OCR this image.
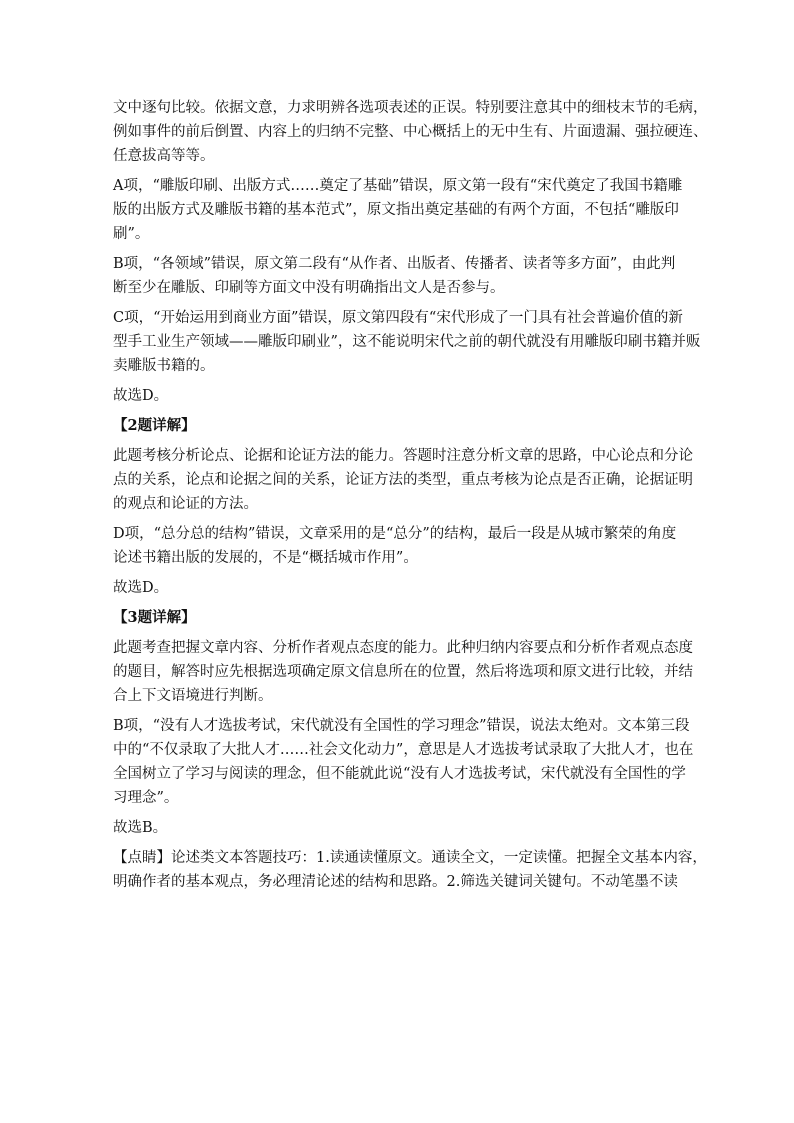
文中逐句比较。依据文意，力求明辨各选项表述的正误。特别要注意其中的细枝末节的毛病，
例如事件的前后倒置、内容上的归纳不完整、中心概括上的无中生有、片面遗漏、强拉硬连、
任意拔高等等。
A项，“雕版印刷、出版方式……奠定了基础”错误，原文第一段有“宋代奠定了我国书籍雕
版的出版方式及雕版书籍的基本范式”，原文指出奠定基础的有两个方面，不包括“雕版印
刷”。
B项，“各领域”错误，原文第二段有“从作者、出版者、传播者、读者等多方面”，由此判
断至少在雕版、印刷等方面文中没有明确指出文人是否参与。
C项，“开始运用到商业方面”错误，原文第四段有“宋代形成了一门具有社会普遍价值的新
型手工业生产领域——雕版印刷业”，这不能说明宋代之前的朝代就没有用雕版印刷书籍并贩
卖雕版书籍的。
故选D。
【2题详解】
此题考核分析论点、论据和论证方法的能力。答题时注意分析文章的思路，中心论点和分论
点的关系，论点和论据之间的关系，论证方法的类型，重点考核为论点是否正确，论据证明
的观点和论证的方法。
D项，“总分总的结构”错误，文章采用的是“总分”的结构，最后一段是从城市繁荣的角度
论述书籍出版的发展的，不是“概括城市作用”。
故选D。
【3题详解】
此题考查把握文章内容、分析作者观点态度的能力。此种归纳内容要点和分析作者观点态度
的题目，解答时应先根据选项确定原文信息所在的位置，然后将选项和原文进行比较，并结
合上下文语境进行判断。
B项，“没有人才选拔考试，宋代就没有全国性的学习理念”错误，说法太绝对。文本第三段
中的“不仅录取了大批人才……社会文化动力”，意思是人才选拔考试录取了大批人才，也在
全国树立了学习与阅读的理念，但不能就此说“没有人才选拔考试，宋代就没有全国性的学
习理念”。
故选B。
【点睛】论述类文本答题技巧：1.读通读懂原文。通读全文，一定读懂。把握全文基本内容，
明确作者的基本观点，务必理清论述的结构和思路。2.筛选关键词关键句。不动笔墨不读
